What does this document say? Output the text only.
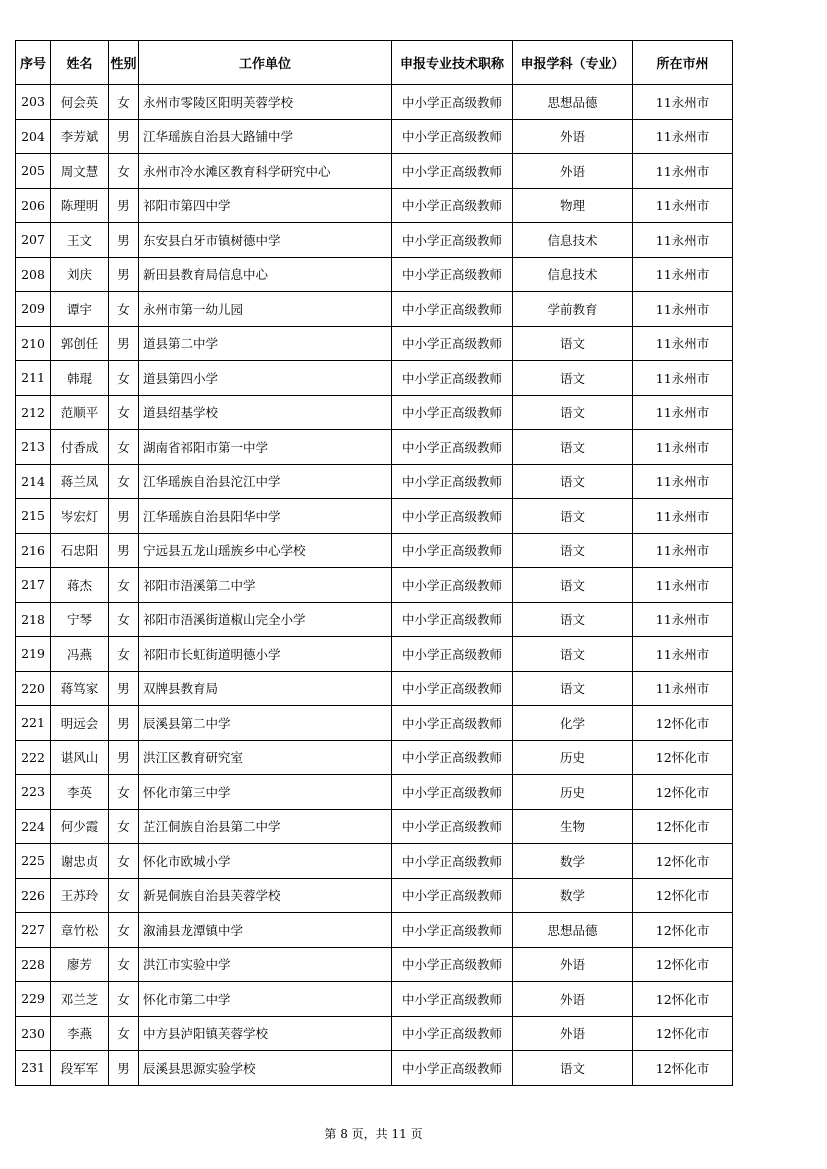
序号	姓名	性别	工作单位	申报专业技术职称	申报学科（专业）	所在市州
203	何会英	女	永州市零陵区阳明芙蓉学校	中小学正高级教师	思想品德	11永州市
204	李芳斌	男	江华瑶族自治县大路铺中学	中小学正高级教师	外语	11永州市
205	周文慧	女	永州市冷水滩区教育科学研究中心	中小学正高级教师	外语	11永州市
206	陈理明	男	祁阳市第四中学	中小学正高级教师	物理	11永州市
207	王文	男	东安县白牙市镇树德中学	中小学正高级教师	信息技术	11永州市
208	刘庆	男	新田县教育局信息中心	中小学正高级教师	信息技术	11永州市
209	谭宇	女	永州市第一幼儿园	中小学正高级教师	学前教育	11永州市
210	郭创任	男	道县第二中学	中小学正高级教师	语文	11永州市
211	韩琨	女	道县第四小学	中小学正高级教师	语文	11永州市
212	范顺平	女	道县绍基学校	中小学正高级教师	语文	11永州市
213	付香成	女	湖南省祁阳市第一中学	中小学正高级教师	语文	11永州市
214	蒋兰凤	女	江华瑶族自治县沱江中学	中小学正高级教师	语文	11永州市
215	岑宏灯	男	江华瑶族自治县阳华中学	中小学正高级教师	语文	11永州市
216	石忠阳	男	宁远县五龙山瑶族乡中心学校	中小学正高级教师	语文	11永州市
217	蒋杰	女	祁阳市浯溪第二中学	中小学正高级教师	语文	11永州市
218	宁琴	女	祁阳市浯溪街道椒山完全小学	中小学正高级教师	语文	11永州市
219	冯燕	女	祁阳市长虹街道明德小学	中小学正高级教师	语文	11永州市
220	蒋笃家	男	双牌县教育局	中小学正高级教师	语文	11永州市
221	明远会	男	辰溪县第二中学	中小学正高级教师	化学	12怀化市
222	谌风山	男	洪江区教育研究室	中小学正高级教师	历史	12怀化市
223	李英	女	怀化市第三中学	中小学正高级教师	历史	12怀化市
224	何少霞	女	芷江侗族自治县第二中学	中小学正高级教师	生物	12怀化市
225	谢忠贞	女	怀化市欧城小学	中小学正高级教师	数学	12怀化市
226	王苏玲	女	新晃侗族自治县芙蓉学校	中小学正高级教师	数学	12怀化市
227	章竹松	女	溆浦县龙潭镇中学	中小学正高级教师	思想品德	12怀化市
228	廖芳	女	洪江市实验中学	中小学正高级教师	外语	12怀化市
229	邓兰芝	女	怀化市第二中学	中小学正高级教师	外语	12怀化市
230	李燕	女	中方县泸阳镇芙蓉学校	中小学正高级教师	外语	12怀化市
231	段军军	男	辰溪县思源实验学校	中小学正高级教师	语文	12怀化市
第 8 页，共 11 页
